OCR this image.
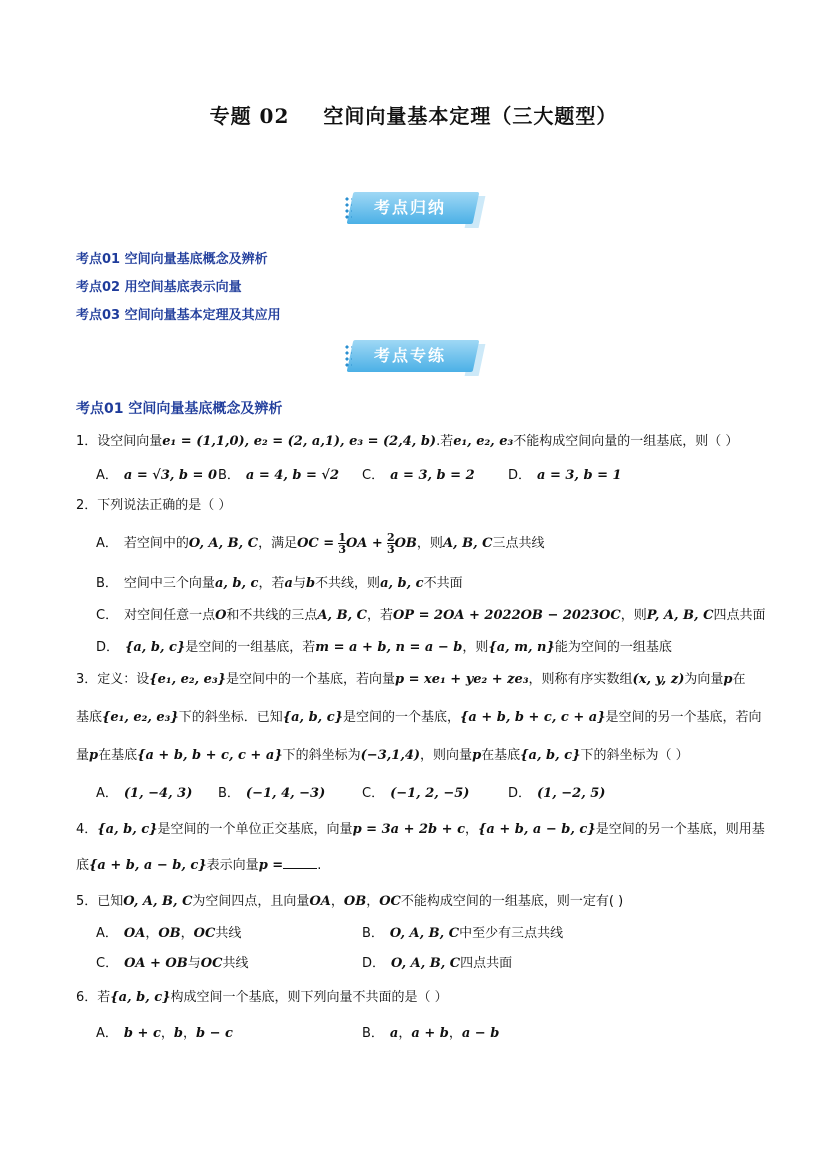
专题 02 空间向量基本定理（三大题型）
考点归纳
考点01 空间向量基底概念及辨析
考点02 用空间基底表示向量
考点03 空间向量基本定理及其应用
考点专练
考点01 空间向量基底概念及辨析
1．设空间向量e₁ = (1,1,0), e₂ = (2, a,1), e₃ = (2,4, b).若e₁, e₂, e₃不能构成空间向量的一组基底，则（ ）
A． a = √3, b = 0 B． a = 4, b = √2 C． a = 3, b = 2	D． a = 3, b = 1
2．下列说法正确的是（ ）
A． 若空间中的O, A, B, C，满足OC = $\frac{1}{3}$ OA + $\frac{2}{3}$ OB，则A, B, C三点共线
B． 空间中三个向量a, b, c，若a与b不共线，则a, b, c不共面
C． 对空间任意一点O和不共线的三点A, B, C，若OP = 2OA + 2022OB − 2023OC，则P, A, B, C四点共面
D． {a, b, c}是空间的一组基底，若m = a + b, n = a − b，则{a, m, n}能为空间的一组基底
3．定义：设{e₁, e₂, e₃}是空间中的一个基底，若向量p = xe₁ + ye₂ + ze₃，则称有序实数组(x, y, z)为向量p在
基底{e₁, e₂, e₃}下的斜坐标．已知{a, b, c}是空间的一个基底，{a + b, b + c, c + a}是空间的另一个基底，若向
量p在基底{a + b, b + c, c + a}下的斜坐标为(−3,1,4)，则向量p在基底{a, b, c}下的斜坐标为（ ）
A． (1, −4, 3) B． (−1, 4, −3)	C． (−1, 2, −5)	D． (1, −2, 5)
4．{a, b, c}是空间的一个单位正交基底，向量p = 3a + 2b + c，{a + b, a − b, c}是空间的另一个基底，则用基
底{a + b, a − b, c}表示向量p =	.
5．已知O, A, B, C为空间四点，且向量OA，OB，OC不能构成空间的一组基底，则一定有( )
A． OA，OB，OC共线	B． O, A, B, C中至少有三点共线
C． OA + OB与OC共线	D． O, A, B, C四点共面
6．若{a, b, c}构成空间一个基底，则下列向量不共面的是（ ）
A． b + c，b，b − c	B． a，a + b，a − b
